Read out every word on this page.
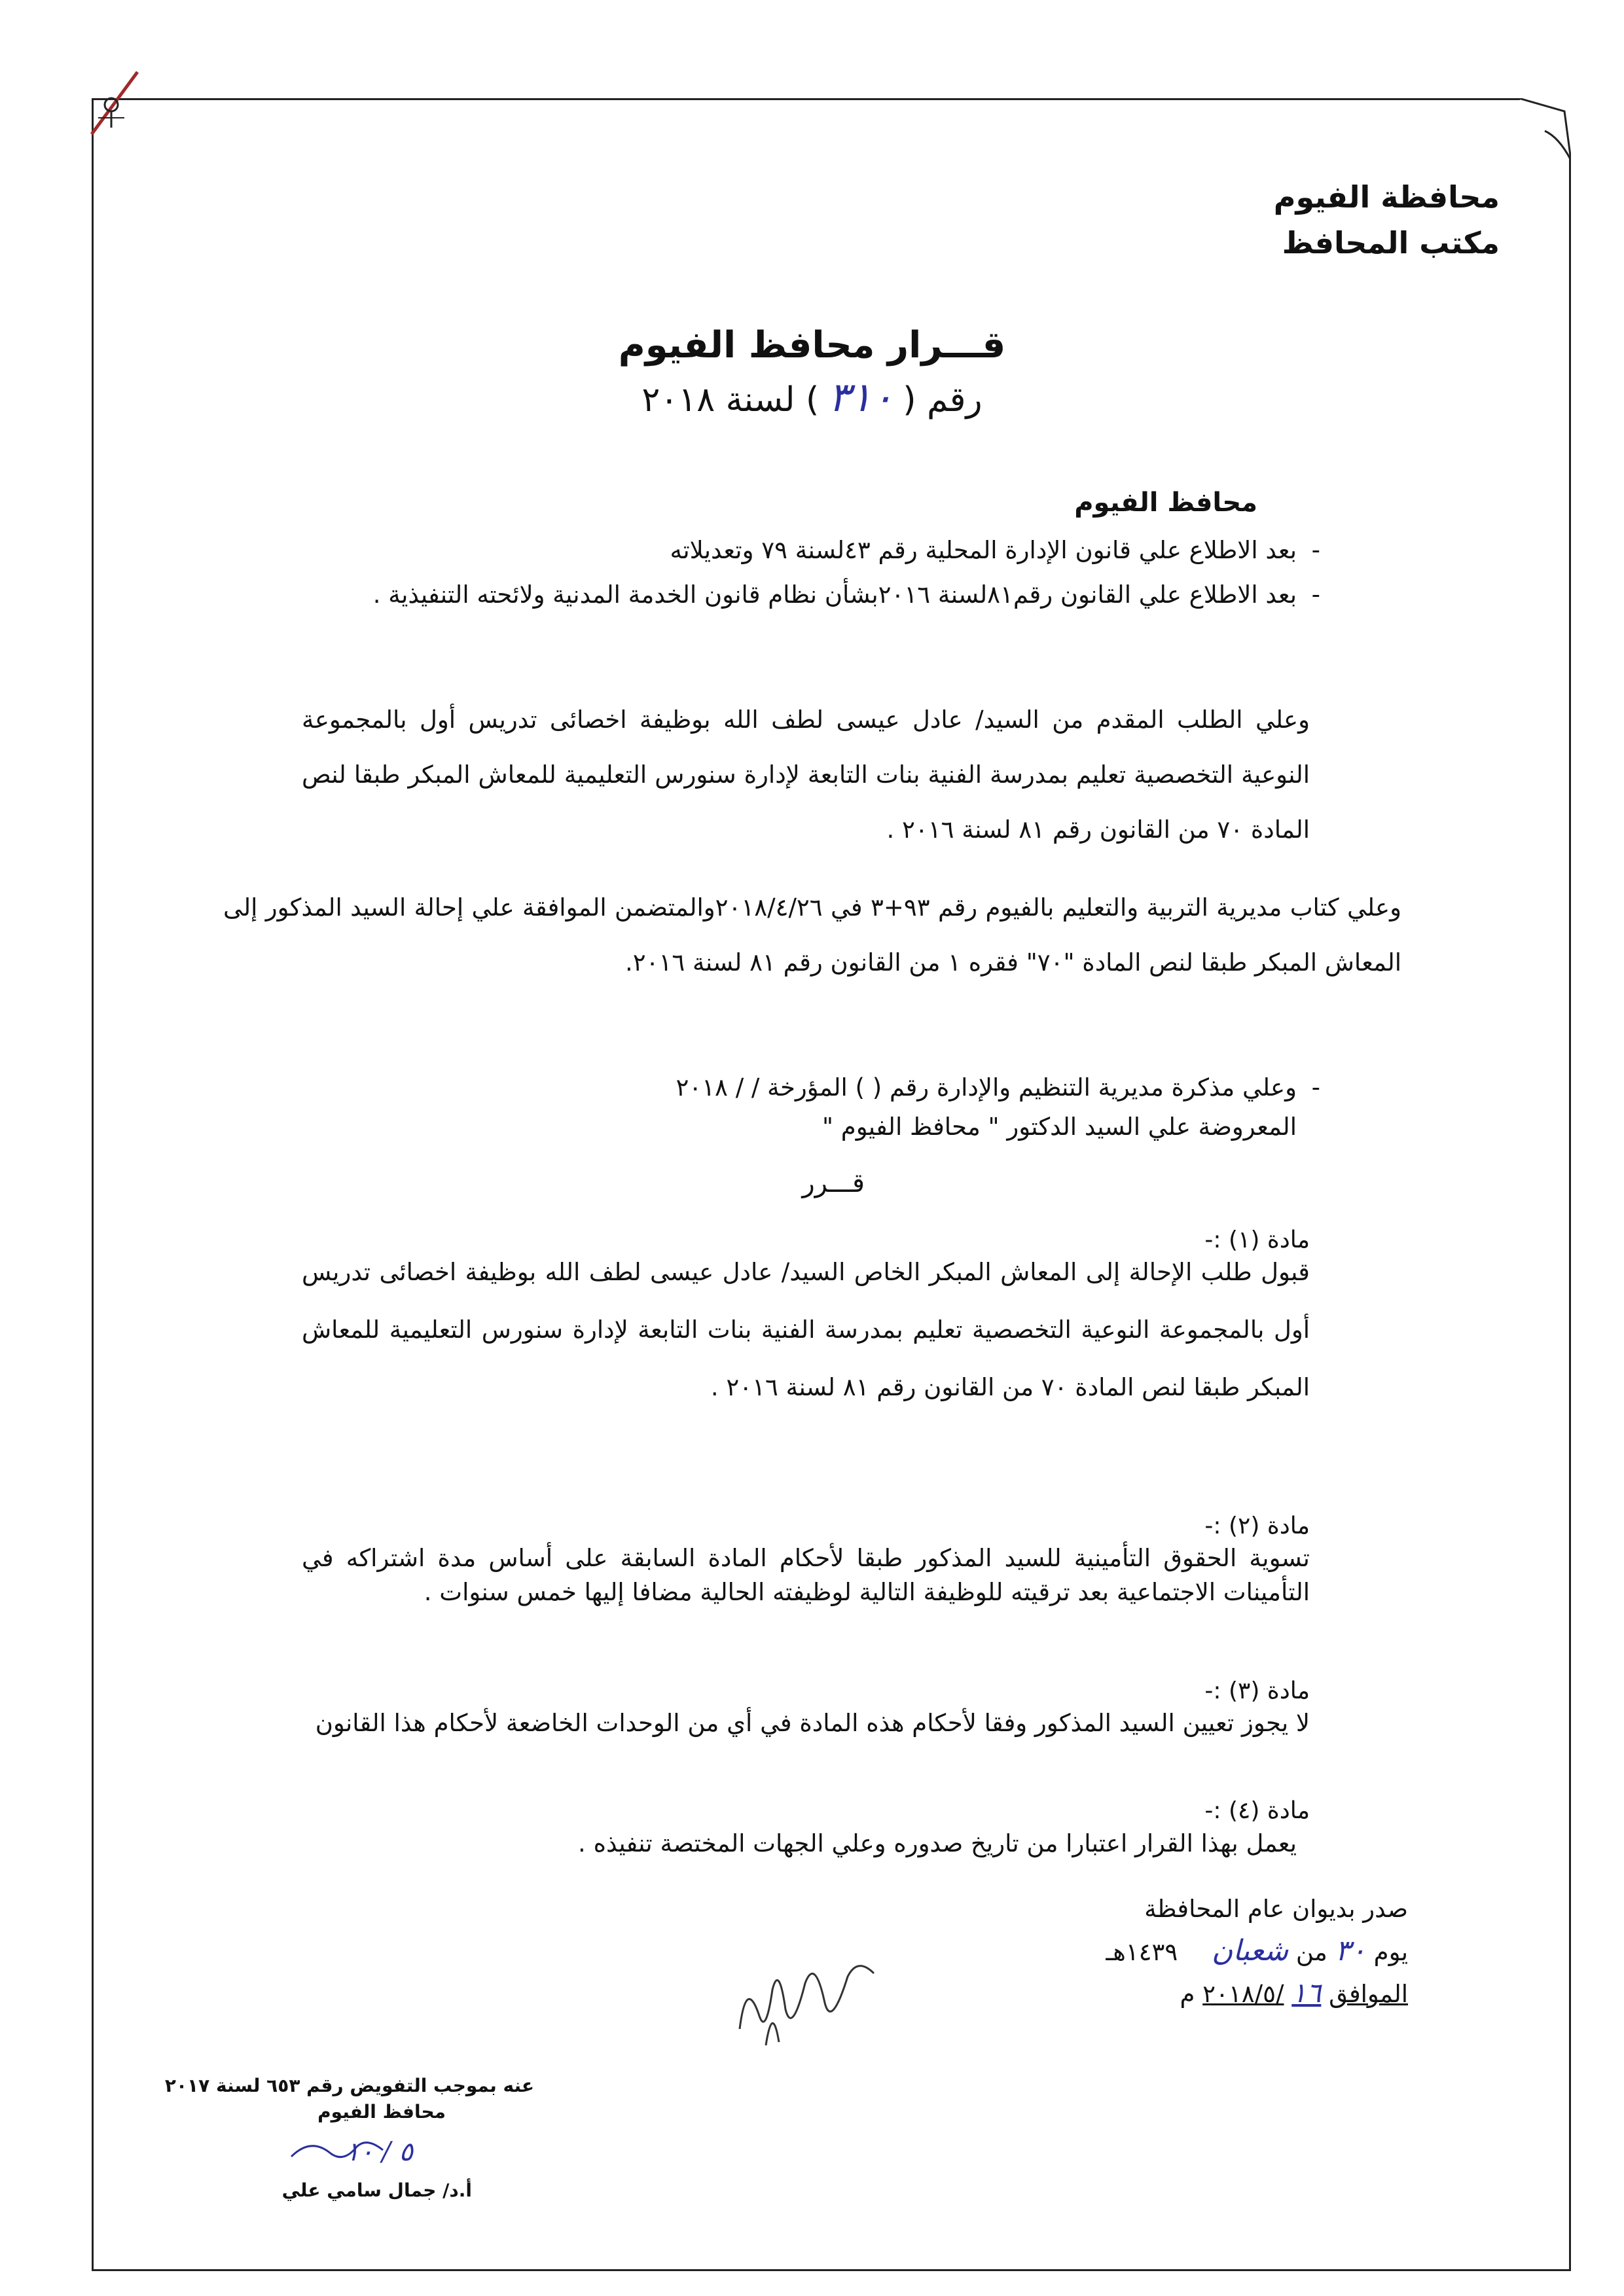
محافظة الفيوم
مكتب المحافظ
قـــرار محافظ الفيوم
رقم (٣١٠) لسنة ٢٠١٨
محافظ الفيوم
- بعد الاطلاع علي قانون الإدارة المحلية رقم ٤٣لسنة ٧٩ وتعديلاته
- بعد الاطلاع علي القانون رقم٨١لسنة ٢٠١٦بشأن نظام قانون الخدمة المدنية ولائحته التنفيذية .
وعلي الطلب المقدم من السيد/ عادل عيسى لطف الله بوظيفة اخصائى تدريس أول بالمجموعة النوعية التخصصية تعليم بمدرسة الفنية بنات التابعة لإدارة سنورس التعليمية للمعاش المبكر طبقا لنص المادة ٧٠ من القانون رقم ٨١ لسنة ٢٠١٦ .
وعلي كتاب مديرية التربية والتعليم بالفيوم رقم ٩٣+٣ في ٢٠١٨/٤/٢٦والمتضمن الموافقة علي إحالة السيد المذكور إلى المعاش المبكر طبقا لنص المادة "٧٠" فقره ١ من القانون رقم ٨١ لسنة ٢٠١٦.
- وعلي مذكرة مديرية التنظيم والإدارة رقم ( ) المؤرخة / / ٢٠١٨
المعروضة علي السيد الدكتور " محافظ الفيوم "
قـــرر
مادة (١) :-
قبول طلب الإحالة إلى المعاش المبكر الخاص السيد/ عادل عيسى لطف الله بوظيفة اخصائى تدريس أول بالمجموعة النوعية التخصصية تعليم بمدرسة الفنية بنات التابعة لإدارة سنورس التعليمية للمعاش المبكر طبقا لنص المادة ٧٠ من القانون رقم ٨١ لسنة ٢٠١٦ .
مادة (٢) :-
تسوية الحقوق التأمينية للسيد المذكور طبقا لأحكام المادة السابقة على أساس مدة اشتراكه في التأمينات الاجتماعية بعد ترقيته للوظيفة التالية لوظيفته الحالية مضافا إليها خمس سنوات .
مادة (٣) :-
لا يجوز تعيين السيد المذكور وفقا لأحكام هذه المادة في أي من الوحدات الخاضعة لأحكام هذا القانون
مادة (٤) :-
يعمل بهذا القرار اعتبارا من تاريخ صدوره وعلي الجهات المختصة تنفيذه .
صدر بديوان عام المحافظة
يوم ٣٠ من شعبان ١٤٣٩هـ
الموافق ١٦ /٢٠١٨/٥ م
عنه بموجب التفويض رقم ٦٥٣ لسنة ٢٠١٧
محافظ الفيوم
٥ / ١٠
أ.د/ جمال سامي علي
